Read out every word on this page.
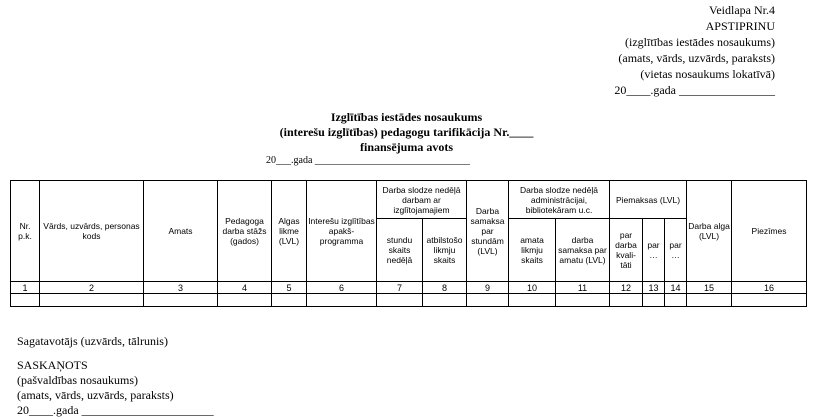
Veidlapa Nr.4
APSTIPRINU
(izglītības iestādes nosaukums)
(amats, vārds, uzvārds, paraksts)
(vietas nosaukums lokatīvā)
20____.gada ________________
Izglītības iestādes nosaukums
(interešu izglītības) pedagogu tarifikācija Nr.____
finansējuma avots
20___.gada _______________________________
Nr. p.k.	Vārds, uzvārds, personas kods	Amats	Pedagoga darba stāžs (gados)	Algas likme (LVL)	Interešu izglītības apakš-programma	Darba slodze nedēļā darbam ar izglītojamajiem		Darba samaksa par stundām (LVL)	Darba slodze nedēļā administrācijai, bibliotekāram u.c.		Piemaksas (LVL)			Darba alga (LVL)	Piezīmes
						stundu skaits nedēļā	atbilstošo likmju skaits		amata likmju skaits	darba samaksa par amatu (LVL)	par darba kvali-tāti	par …	par …		
1	2	3	4	5	6	7	8	9	10	11	12	13	14	15	16

Sagatavotājs (uzvārds, tālrunis)
SASKAŅOTS
(pašvaldības nosaukums)
(amats, vārds, uzvārds, paraksts)
20____.gada ______________________
